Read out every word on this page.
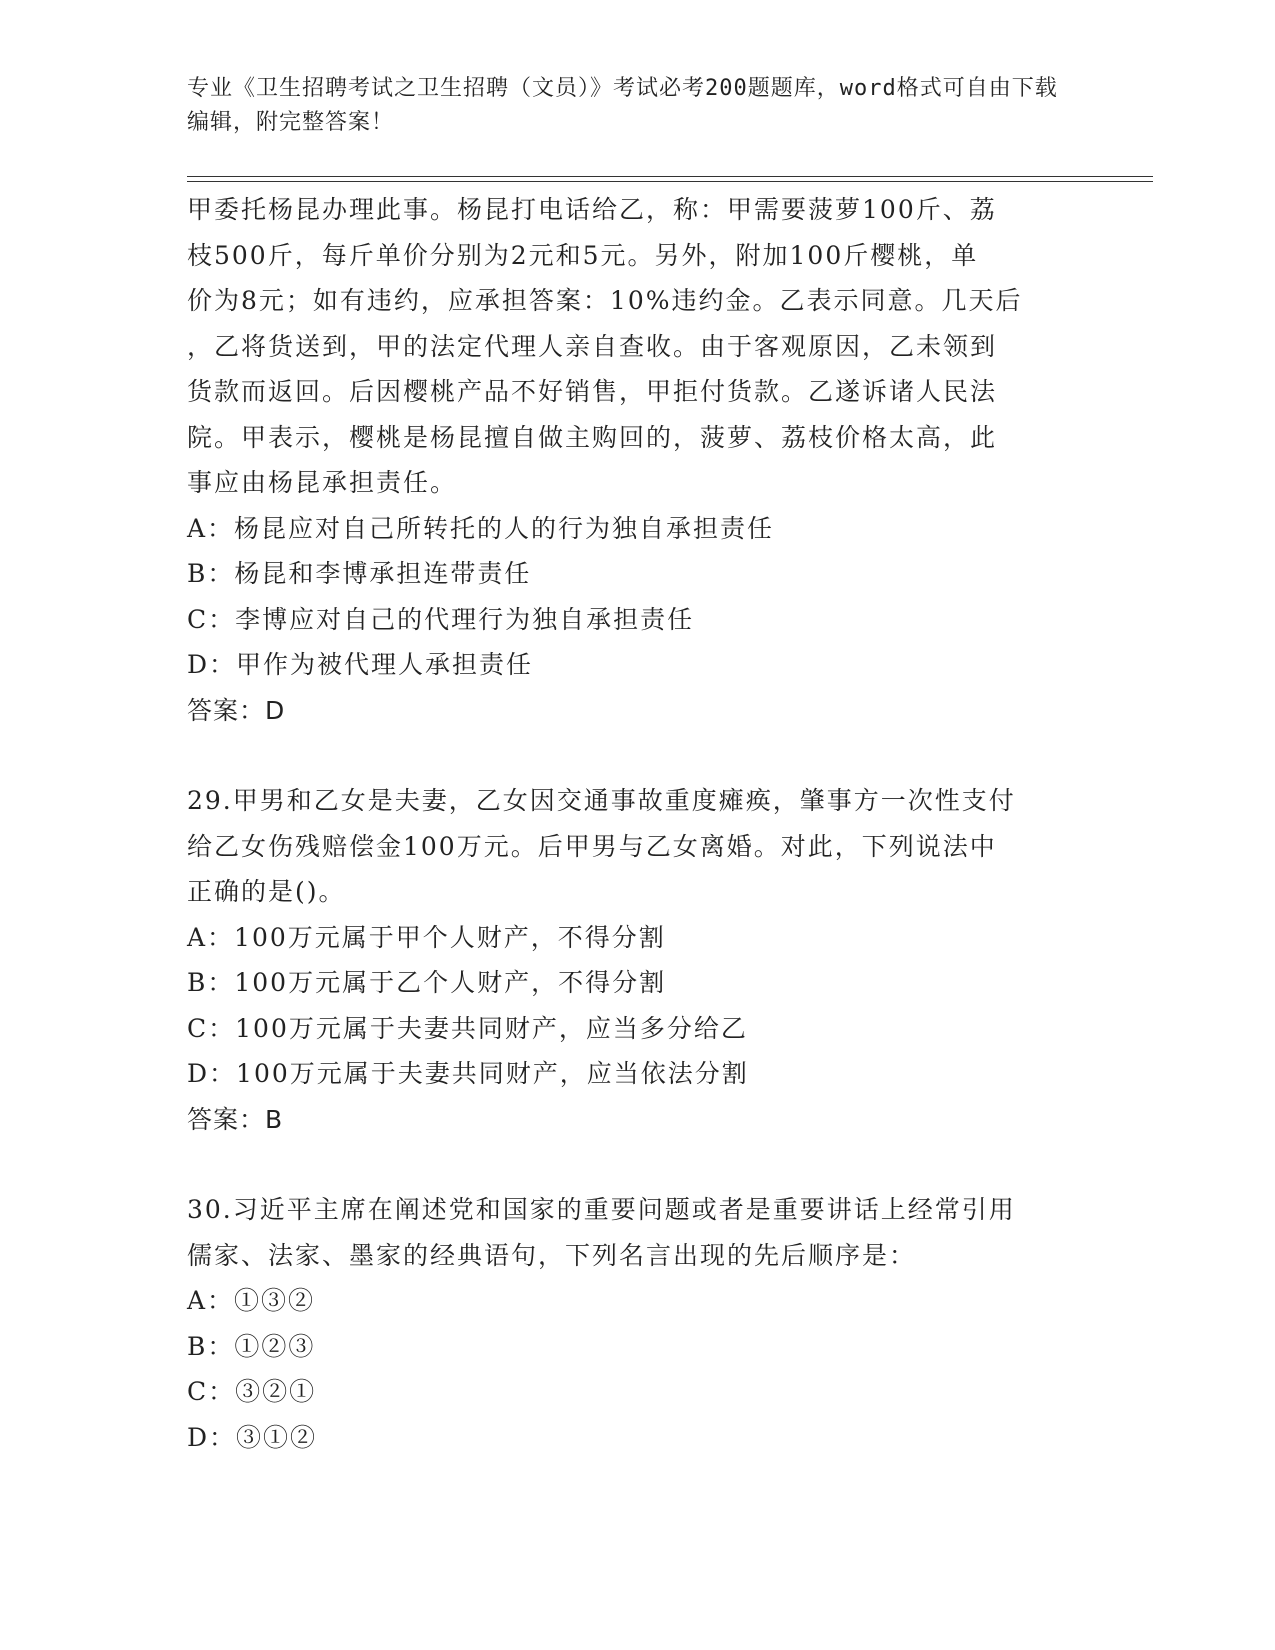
专业《卫生招聘考试之卫生招聘（文员）》考试必考200题题库，word格式可自由下载编辑，附完整答案！
甲委托杨昆办理此事。杨昆打电话给乙，称：甲需要菠萝100斤、荔
枝500斤，每斤单价分别为2元和5元。另外，附加100斤樱桃，单
价为8元；如有违约，应承担答案：10%违约金。乙表示同意。几天后
，乙将货送到，甲的法定代理人亲自查收。由于客观原因，乙未领到
货款而返回。后因樱桃产品不好销售，甲拒付货款。乙遂诉诸人民法
院。甲表示，樱桃是杨昆擅自做主购回的，菠萝、荔枝价格太高，此
事应由杨昆承担责任。
A：杨昆应对自己所转托的人的行为独自承担责任
B：杨昆和李博承担连带责任
C：李博应对自己的代理行为独自承担责任
D：甲作为被代理人承担责任
答案：D
29.甲男和乙女是夫妻，乙女因交通事故重度瘫痪，肇事方一次性支付
给乙女伤残赔偿金100万元。后甲男与乙女离婚。对此，下列说法中
正确的是()。
A：100万元属于甲个人财产，不得分割
B：100万元属于乙个人财产，不得分割
C：100万元属于夫妻共同财产，应当多分给乙
D：100万元属于夫妻共同财产，应当依法分割
答案：B
30.习近平主席在阐述党和国家的重要问题或者是重要讲话上经常引用
儒家、法家、墨家的经典语句，下列名言出现的先后顺序是：
A：①③②
B：①②③
C：③②①
D：③①②
